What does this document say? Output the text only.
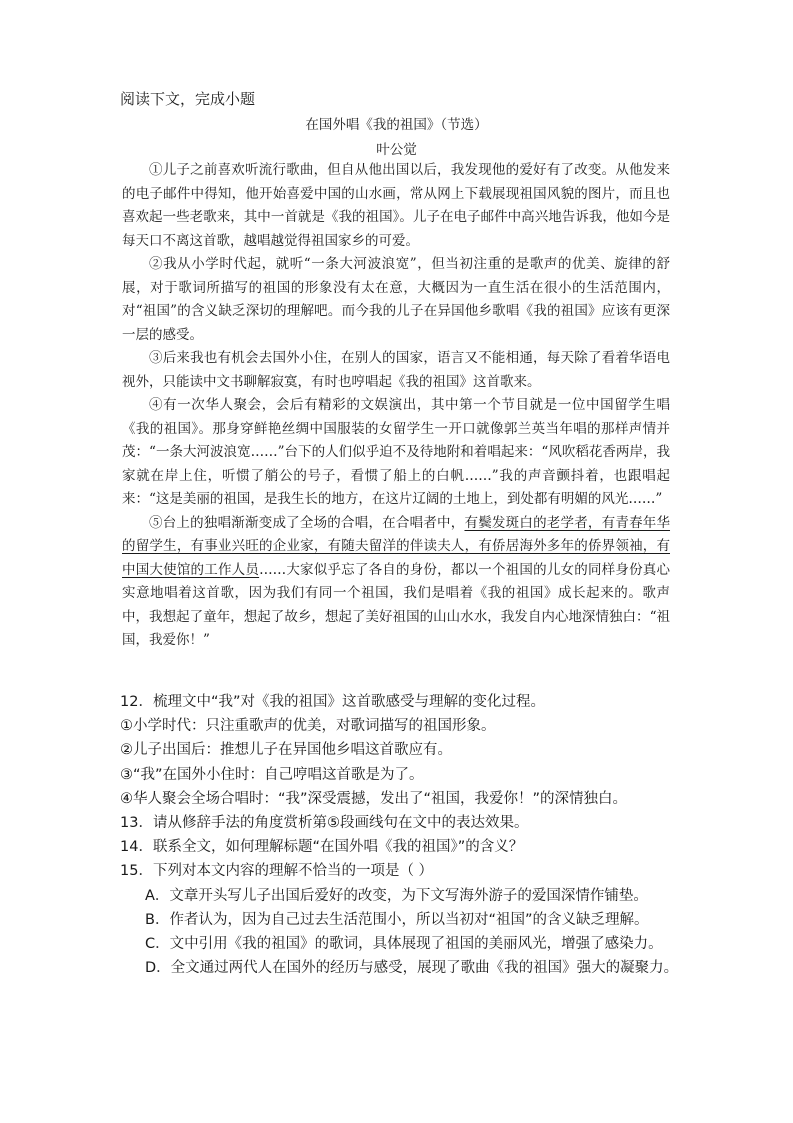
阅读下文，完成小题
在国外唱《我的祖国》（节选）
叶公觉

①儿子之前喜欢听流行歌曲，但自从他出国以后，我发现他的爱好有了改变。从他发来的电子邮件中得知，他开始喜爱中国的山水画，常从网上下载展现祖国风貌的图片，而且也喜欢起一些老歌来，其中一首就是《我的祖国》。儿子在电子邮件中高兴地告诉我，他如今是每天口不离这首歌，越唱越觉得祖国家乡的可爱。

②我从小学时代起，就听“一条大河波浪宽”，但当初注重的是歌声的优美、旋律的舒展，对于歌词所描写的祖国的形象没有太在意，大概因为一直生活在很小的生活范围内，对“祖国”的含义缺乏深切的理解吧。而今我的儿子在异国他乡歌唱《我的祖国》应该有更深一层的感受。

③后来我也有机会去国外小住，在别人的国家，语言又不能相通，每天除了看着华语电视外，只能读中文书聊解寂寞，有时也哼唱起《我的祖国》这首歌来。

④有一次华人聚会，会后有精彩的文娱演出，其中第一个节目就是一位中国留学生唱《我的祖国》。那身穿鲜艳丝绸中国服装的女留学生一开口就像郭兰英当年唱的那样声情并茂：“一条大河波浪宽……”台下的人们似乎迫不及待地附和着唱起来：“风吹稻花香两岸，我家就在岸上住，听惯了艄公的号子，看惯了船上的白帆……”我的声音颤抖着，也跟唱起来：“这是美丽的祖国，是我生长的地方，在这片辽阔的土地上，到处都有明媚的风光……”

⑤台上的独唱渐渐变成了全场的合唱，在合唱者中，有鬓发斑白的老学者，有青春年华的留学生，有事业兴旺的企业家，有随夫留洋的伴读夫人，有侨居海外多年的侨界领袖，有中国大使馆的工作人员……大家似乎忘了各自的身份，都以一个祖国的儿女的同样身份真心实意地唱着这首歌，因为我们有同一个祖国，我们是唱着《我的祖国》成长起来的。歌声中，我想起了童年，想起了故乡，想起了美好祖国的山山水水，我发自内心地深情独白：“祖国，我爱你！”

12．梳理文中“我”对《我的祖国》这首歌感受与理解的变化过程。

①小学时代：只注重歌声的优美，对歌词描写的祖国形象。

②儿子出国后：推想儿子在异国他乡唱这首歌应有。

③“我”在国外小住时：自己哼唱这首歌是为了。

④华人聚会全场合唱时：“我”深受震撼，发出了“祖国，我爱你！”的深情独白。

13．请从修辞手法的角度赏析第⑤段画线句在文中的表达效果。

14．联系全文，如何理解标题“在国外唱《我的祖国》”的含义？

15．下列对本文内容的理解不恰当的一项是（ ）

A．文章开头写儿子出国后爱好的改变，为下文写海外游子的爱国深情作铺垫。

B．作者认为，因为自己过去生活范围小，所以当初对“祖国”的含义缺乏理解。

C．文中引用《我的祖国》的歌词，具体展现了祖国的美丽风光，增强了感染力。

D．全文通过两代人在国外的经历与感受，展现了歌曲《我的祖国》强大的凝聚力。
